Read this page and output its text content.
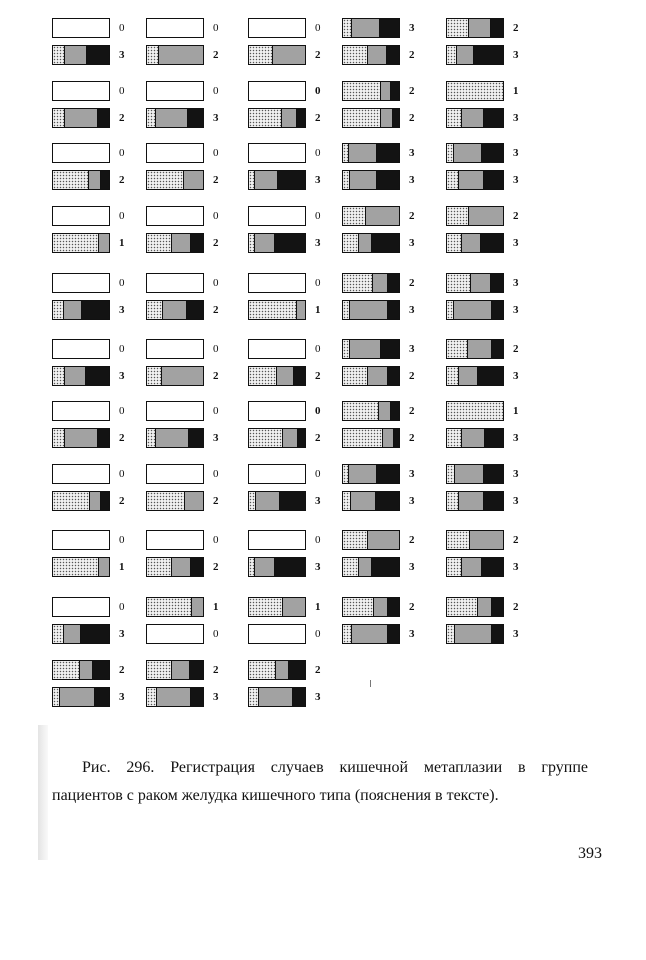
0
3
0
2
0
2
0
1
0
3
0
3
0
2
0
2
0
1
0
3
2
3
0
2
0
3
0
2
0
2
0
2
0
2
0
3
0
2
0
2
1
0
2
3
0
2
0
2
0
3
0
3
0
1
0
2
0
2
0
3
0
3
1
0
2
3
3
2
2
2
3
3
2
3
2
3
3
2
2
2
3
3
2
3
2
3
2
3
1
3
3
3
2
3
3
3
2
3
1
3
3
3
2
3
2
3
Рис. 296. Регистрация случаев кишечной метаплазии в группе
пациентов с раком желудка кишечного типа (пояснения в тексте).
393
